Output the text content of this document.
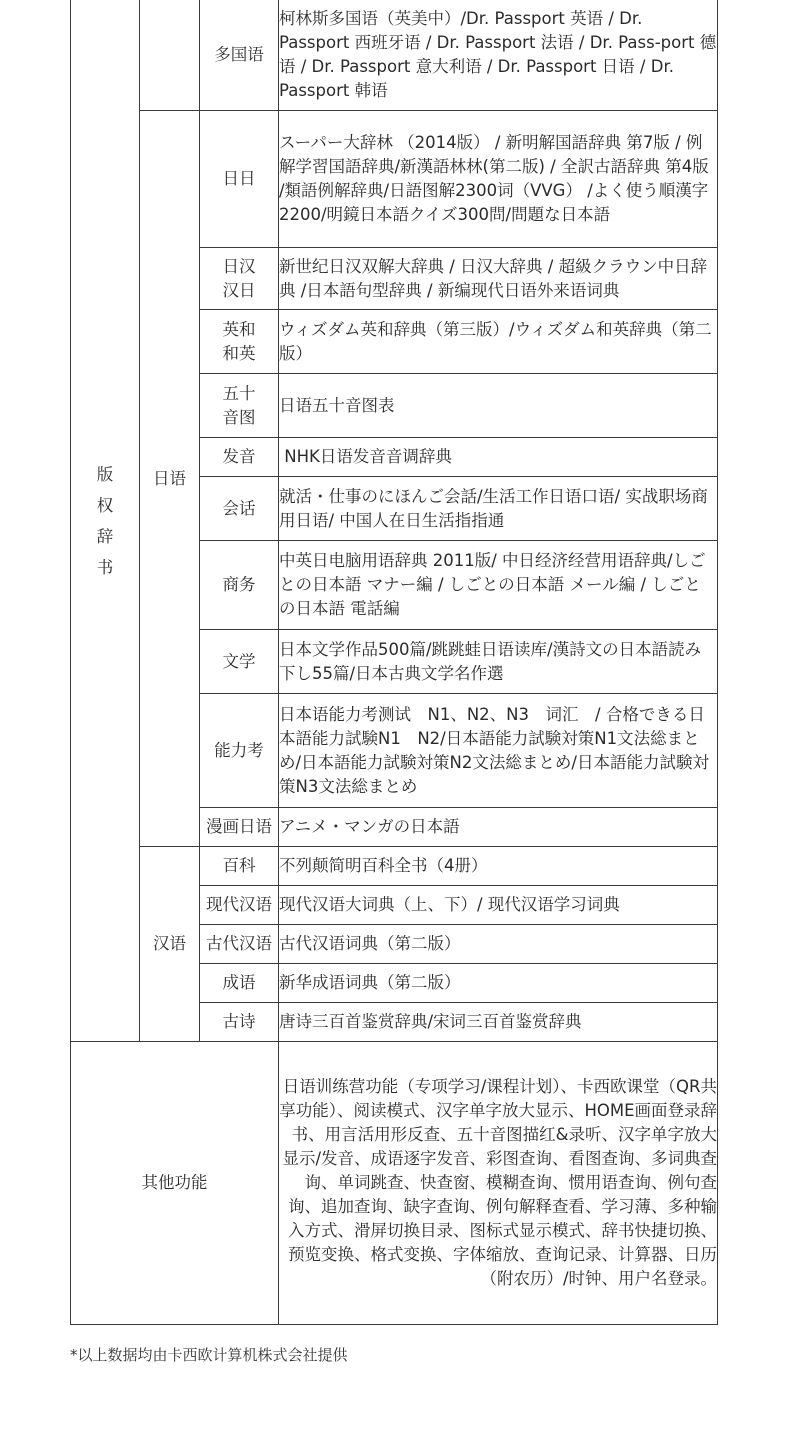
版权辞书		多国语	柯林斯多国语（英美中）/Dr. Passport 英语 / Dr. Passport 西班牙语 / Dr. Passport 法语 / Dr. Pass-port 德语 / Dr. Passport 意大利语 / Dr. Passport 日语 / Dr. Passport 韩语
	日语	日日	スーパー大辞林 （2014版） / 新明解国語辞典 第7版 / 例解学習国語辞典/新漢語林林(第二版) / 全訳古語辞典 第4版 /類語例解辞典/日語图解2300词（VVG） /よく使う順漢字2200/明鏡日本語クイズ300問/問題な日本語
		日汉汉日	新世纪日汉双解大辞典 / 日汉大辞典 / 超級クラウン中日辞典 /日本語句型辞典 / 新编现代日语外来语词典
		英和和英	ウィズダム英和辞典（第三版）/ウィズダム和英辞典（第二版）
		五十音图	日语五十音图表
		发音	NHK日语发音音调辞典
		会话	就活・仕事のにほんご会話/生活工作日语口语/ 实战职场商用日语/ 中国人在日生活指指通
		商务	中英日电脑用语辞典 2011版/ 中日经济经营用语辞典/しごとの日本語 マナー編 / しごとの日本語 メール編 / しごとの日本語 電話編
		文学	日本文学作品500篇/跳跳蛙日语读库/漢詩文の日本語読み下し55篇/日本古典文学名作選
		能力考	日本语能力考测试　N1、N2、N3　词汇　/ 合格できる日本語能力試験N1　N2/日本語能力試験対策N1文法総まとめ/日本語能力試験対策N2文法総まとめ/日本語能力試験対策N3文法総まとめ
		漫画日语	アニメ・マンガの日本語
	汉语	百科	不列颠简明百科全书（4册）
		现代汉语	现代汉语大词典（上、下）/ 现代汉语学习词典
		古代汉语	古代汉语词典（第二版）
		成语	新华成语词典（第二版）
		古诗	唐诗三百首鉴赏辞典/宋词三百首鉴赏辞典
其他功能			日语训练营功能（专项学习/课程计划）、卡西欧课堂（QR共享功能）、阅读模式、汉字单字放大显示、HOME画面登录辞书、用言活用形反查、五十音图描红&录听、汉字单字放大显示/发音、成语逐字发音、彩图查询、看图查询、多词典查询、单词跳查、快查窗、模糊查询、惯用语查询、例句查询、追加查询、缺字查询、例句解释查看、学习薄、多种输入方式、滑屏切换目录、图标式显示模式、辞书快捷切换、预览变换、格式变换、字体缩放、查询记录、计算器、日历（附农历）/时钟、用户名登录。
*以上数据均由卡西欧计算机株式会社提供
